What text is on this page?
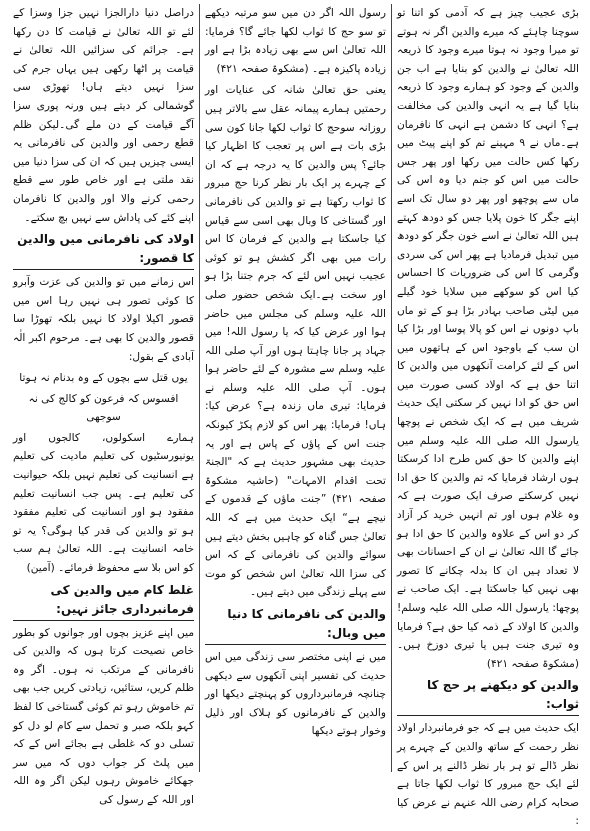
بڑی عجیب چیز ہے کہ آدمی کو اتنا تو سوچنا چاہئے کہ میرے والدین اگر نہ ہوتے تو میرا وجود نہ ہوتا میرے وجود کا ذریعہ اللہ تعالیٰ نے والدین کو بنایا ہے اب جن والدین کے وجود کو ہمارے وجود کا ذریعہ بنایا گیا ہے یہ انہی والدین کی مخالفت ہے؟ انہی کا دشمن ہے انہی کا نافرمان ہے۔ماں نے ۹ مہینے تم کو اپنے پیٹ میں رکھا کس حالت میں رکھا اور پھر جس حالت میں اس کو جنم دیا وہ اس کی ماں سے پوچھو اور پھر دو سال تک اسے اپنے جگر کا خون پلایا جس کو دودھ کہتے ہیں اللہ تعالیٰ نے اسے خون جگر کو دودھ میں تبدیل فرمادیا ہے پھر اس کی سردی وگرمی کا اس کی ضروریات کا احساس کیا اس کو سوکھے میں سلایا خود گیلے میں لیٹی صاحب بہادر بڑا ہو کے تو ماں باپ دونوں نے اس کو پالا پوسا اور بڑا کیا ان سب کے باوجود اس کے ہاتھوں میں اس کے لئے کرامت آنکھوں میں والدین کا اتنا حق ہے کہ اولاد کسی صورت میں اس حق کو ادا نہیں کر سکتی ایک حدیث شریف میں ہے کہ ایک شخص نے پوچھا یارسول اللہ صلی اللہ علیہ وسلم میں اپنے والدین کا حق کس طرح ادا کرسکتا ہوں ارشاد فرمایا کہ تم والدین کا حق ادا نہیں کرسکتے صرف ایک صورت ہے کہ وہ غلام ہوں اور تم انہیں خرید کر آزاد کر دو اس کے علاوہ والدین کا حق ادا ہو جائے گا اللہ تعالیٰ نے ان کے احسانات بھی لا تعداد ہیں ان کا بدلہ چکانے کا تصور بھی نہیں کیا جاسکتا ہے۔ ایک صاحب نے پوچھا: یارسول اللہ صلی اللہ علیہ وسلم! والدین کا اولاد کے ذمہ کیا حق ہے؟ فرمایا وہ تیری جنت ہیں یا تیری دوزخ ہیں۔ (مشکوۃ صفحہ ۴۲۱)
والدین کو دیکھنے پر حج کا ثواب:
ایک حدیث میں ہے کہ جو فرمانبردار اولاد نظر رحمت کے ساتھ والدین کے چہرے پر نظر ڈالے تو ہر بار نظر ڈالنے پر اس کے لئے ایک حج مبرور کا ثواب لکھا جاتا ہے صحابہ کرام رضی اللہ عنہم نے عرض کیا :
رسول اللہ اگر دن میں سو مرتبہ دیکھے تو سو حج کا ثواب لکھا جائے گا؟ فرمایا: اللہ تعالیٰ اس سے بھی زیادہ بڑا ہے اور زیادہ پاکیزہ ہے۔ (مشکوۃ صفحہ ۴۲۱)
یعنی حق تعالیٰ شانہ کی عنایات اور رحمتیں ہمارے پیمانہ عقل سے بالاتر ہیں روزانہ سوحج کا ثواب لکھا جانا کون سی بڑی بات ہے اس پر تعجب کا اظہار کیا جائے؟ پس والدین کا یہ درجہ ہے کہ ان کے چہرے پر ایک بار نظر کرنا حج مبرور کا ثواب رکھتا ہے تو والدین کی نافرمانی اور گستاخی کا وبال بھی اسی سے قیاس کیا جاسکتا ہے والدین کے فرمان کا اس رات میں بھی اگر کشش ہو تو کوئی عجیب نہیں اس لئے کہ جرم جتنا بڑا ہو اور سخت ہے۔ایک شخص حضور صلی اللہ علیہ وسلم کی مجلس میں حاضر ہوا اور عرض کیا کہ یا رسول اللہ! میں جہاد پر جانا چاہتا ہوں اور آپ صلی اللہ علیہ وسلم سے مشورہ کے لئے حاضر ہوا ہوں۔ آپ صلی اللہ علیہ وسلم نے فرمایا: تیری ماں زندہ ہے؟ عرض کیا: ہاں! فرمایا: پھر اس کو لازم پکڑ کیونکہ جنت اس کے پاؤں کے پاس ہے اور یہ حدیث بھی مشہور حدیث ہے کہ "الجنۃ تحت اقدام الامہات" (حاشیہ مشکوۃ صفحہ ۴۲۱) ”جنت ماؤں کے قدموں کے نیچے ہے“ ایک حدیث میں ہے کہ اللہ تعالیٰ جس گناہ کو چاہیں بخش دیتے ہیں سوائے والدین کی نافرمانی کے کہ اس کی سزا اللہ تعالیٰ اس شخص کو موت سے پہلے زندگی میں دیتے ہیں۔
والدین کی نافرمانی کا دنیا میں وبال:
میں نے اپنی مختصر سی زندگی میں اس حدیث کی تفسیر اپنی آنکھوں سے دیکھی چنانچہ فرمانبرداروں کو پہنچتے دیکھا اور والدین کے نافرمانوں کو ہلاک اور ذلیل وخوار ہوتے دیکھا
دراصل دنیا دارالجزا نہیں جزا وسزا کے لئے تو اللہ تعالیٰ نے قیامت کا دن رکھا ہے۔ جرائم کی سزائیں اللہ تعالیٰ نے قیامت پر اٹھا رکھی ہیں یہاں جرم کی سزا نہیں دیتے ہاں! تھوڑی سی گوشمالی کر دیتے ہیں ورنہ پوری سزا آگے قیامت کے دن ملے گی۔لیکن ظلم قطع رحمی اور والدین کی نافرمانی یہ ایسی چیزیں ہیں کہ ان کی سزا دنیا میں نقد ملتی ہے اور خاص طور سے قطع رحمی کرنے والا اور والدین کا نافرمان اپنے کئے کی پاداش سے نہیں بچ سکتے۔
اولاد کی نافرمانی میں والدین کا قصور:
اس زمانے میں تو والدین کی عزت وآبرو کا کوئی تصور ہی نہیں رہا اس میں قصور اکیلا اولاد کا نہیں بلکہ تھوڑا سا قصور والدین کا بھی ہے۔ مرحوم اکبر الٰہ آبادی کے بقول:
یوں قتل سے بچوں کے وہ بدنام نہ ہوتا
افسوس کہ فرعون کو کالج کی نہ سوجھی
ہمارے اسکولوں، کالجوں اور یونیورسٹیوں کی تعلیم مادیت کی تعلیم ہے انسانیت کی تعلیم نہیں بلکہ حیوانیت کی تعلیم ہے۔ پس جب انسانیت تعلیم مفقود ہو اور انسانیت کی تعلیم مفقود ہو تو والدین کی قدر کیا ہوگی؟ یہ تو خامہ انسانیت ہے۔ اللہ تعالیٰ ہم سب کو اس بلا سے محفوظ فرمائے۔ (آمین)
غلط کام میں والدین کی فرمانبرداری جائز نہیں:
میں اپنے عزیز بچوں اور جوانوں کو بطور خاص نصیحت کرتا ہوں کہ والدین کی نافرمانی کے مرتکب نہ ہوں۔ اگر وہ ظلم کریں، ستائیں، زیادتی کریں جب بھی تم خاموش رہو تم کوئی گستاخی کا لفظ کہو بلکہ صبر و تحمل سے کام لو دل کو تسلی دو کہ غلطی ہے بجائے اس کے کہ میں پلٹ کر جواب دوں کہ میں سر جھکائے خاموش رہوں لیکن اگر وہ اللہ اور اللہ کے رسول کی
